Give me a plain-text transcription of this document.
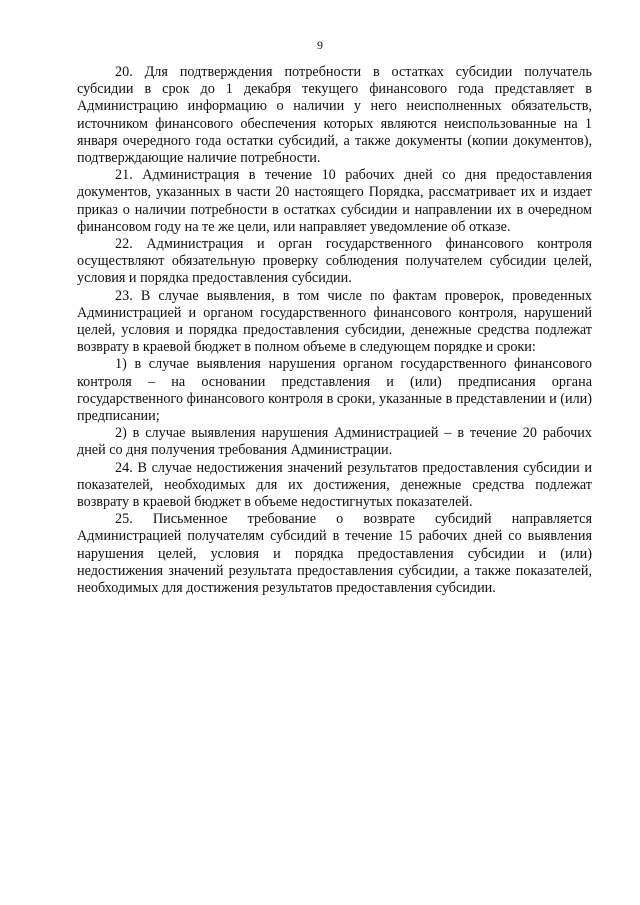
9

20. Для подтверждения потребности в остатках субсидии получатель субсидии в срок до 1 декабря текущего финансового года представляет в Администрацию информацию о наличии у него неисполненных обязательств, источником финансового обеспечения которых являются неиспользованные на 1 января очередного года остатки субсидий, а также документы (копии документов), подтверждающие наличие потребности.

21. Администрация в течение 10 рабочих дней со дня предоставления документов, указанных в части 20 настоящего Порядка, рассматривает их и издает приказ о наличии потребности в остатках субсидии и направлении их в очередном финансовом году на те же цели, или направляет уведомление об отказе.

22. Администрация и орган государственного финансового контроля осуществляют обязательную проверку соблюдения получателем субсидии целей, условия и порядка предоставления субсидии.

23. В случае выявления, в том числе по фактам проверок, проведенных Администрацией и органом государственного финансового контроля, нарушений целей, условия и порядка предоставления субсидии, денежные средства подлежат возврату в краевой бюджет в полном объеме в следующем порядке и сроки:

1) в случае выявления нарушения органом государственного финансового контроля – на основании представления и (или) предписания органа государственного финансового контроля в сроки, указанные в представлении и (или) предписании;

2) в случае выявления нарушения Администрацией – в течение 20 рабочих дней со дня получения требования Администрации.

24. В случае недостижения значений результатов предоставления субсидии и показателей, необходимых для их достижения, денежные средства подлежат возврату в краевой бюджет в объеме недостигнутых показателей.

25. Письменное требование о возврате субсидий направляется Администрацией получателям субсидий в течение 15 рабочих дней со выявления нарушения целей, условия и порядка предоставления субсидии и (или) недостижения значений результата предоставления субсидии, а также показателей, необходимых для достижения результатов предоставления субсидии.
